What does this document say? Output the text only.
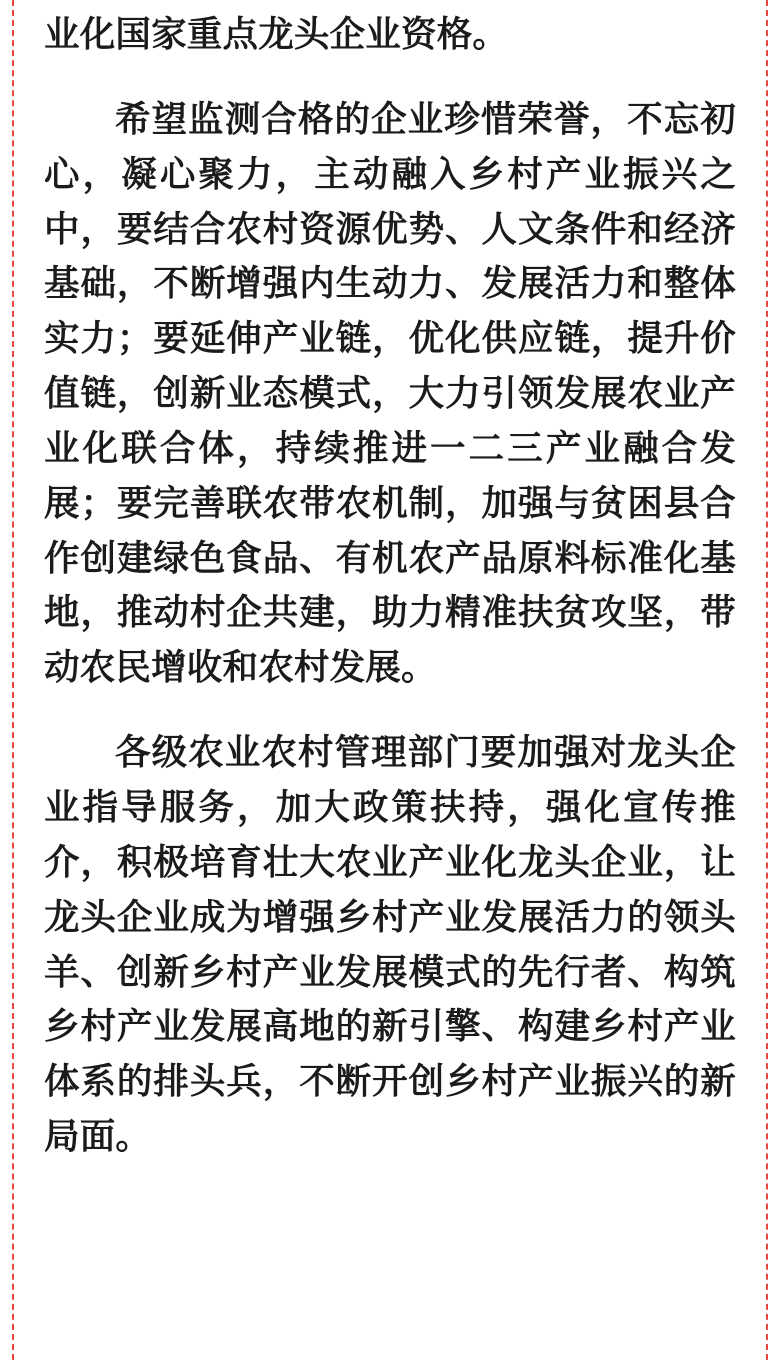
业化国家重点龙头企业资格。

希望监测合格的企业珍惜荣誉，不忘初心，凝心聚力，主动融入乡村产业振兴之中，要结合农村资源优势、人文条件和经济基础，不断增强内生动力、发展活力和整体实力；要延伸产业链，优化供应链，提升价值链，创新业态模式，大力引领发展农业产业化联合体，持续推进一二三产业融合发展；要完善联农带农机制，加强与贫困县合作创建绿色食品、有机农产品原料标准化基地，推动村企共建，助力精准扶贫攻坚，带动农民增收和农村发展。

各级农业农村管理部门要加强对龙头企业指导服务，加大政策扶持，强化宣传推介，积极培育壮大农业产业化龙头企业，让龙头企业成为增强乡村产业发展活力的领头羊、创新乡村产业发展模式的先行者、构筑乡村产业发展高地的新引擎、构建乡村产业体系的排头兵，不断开创乡村产业振兴的新局面。
